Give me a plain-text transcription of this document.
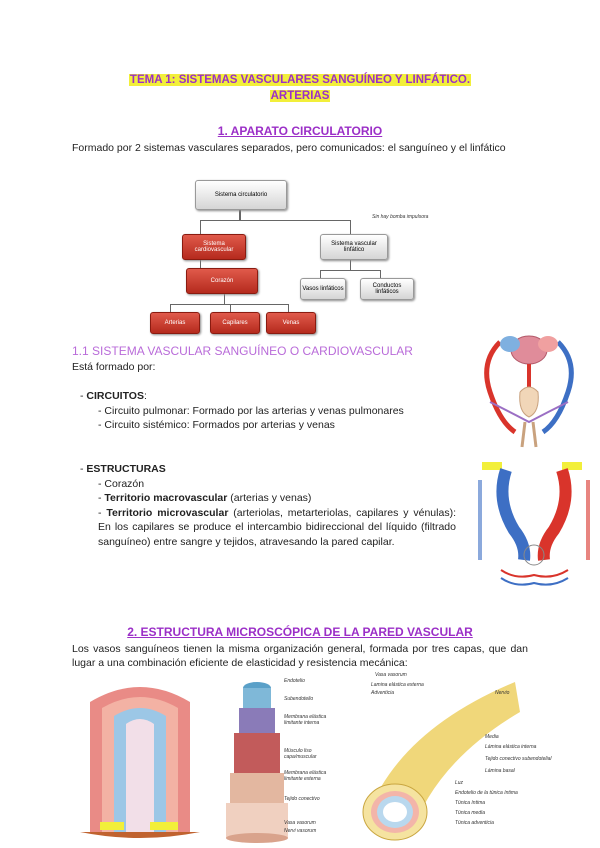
TEMA 1: SISTEMAS VASCULARES SANGUÍNEO Y LINFÁTICO.
ARTERIAS
1. APARATO CIRCULATORIO
Formado por 2 sistemas vasculares separados, pero comunicados: el sanguíneo y el linfático
Sistema circulatorio
Sistema cardiovascular
Sistema vascular linfático
Sin hay bomba impulsora
Corazón
Vasos linfáticos	Conductos linfáticos
Arterias	Capilares	Venas
1.1 SISTEMA VASCULAR SANGUÍNEO O CARDIOVASCULAR
Está formado por:
- CIRCUITOS:
- Circuito pulmonar: Formado por las arterias y venas pulmonares
- Circuito sistémico: Formados por arterias y venas
- ESTRUCTURAS
- Corazón
- Territorio macrovascular (arterias y venas)
- Territorio microvascular (arteriolas, metarteriolas, capilares y vénulas): En los capilares se produce el intercambio bidireccional del líquido (filtrado sanguíneo) entre sangre y tejidos, atravesando la pared capilar.
2. ESTRUCTURA MICROSCÓPICA DE LA PARED VASCULAR
Los vasos sanguíneos tienen la misma organización general, formada por tres capas, que dan lugar a una combinación eficiente de elasticidad y resistencia mecánica:
Endotelio
Subendotelio
Membrana elástica limitante interna
Músculo liso capa/muscular
Membrana elástica limitante externa
Tejido conectivo
Vasa vasorum
Nervi vasorum
Vasa vasorum
Lamina elástica externa
Adventicia
Media
Lámina elástica interna
Tejido conectivo subendotelial
Lámina basal
Luz
Endotelio de la túnica íntima
Túnica íntima
Túnica media
Túnica adventicia
Nervio
